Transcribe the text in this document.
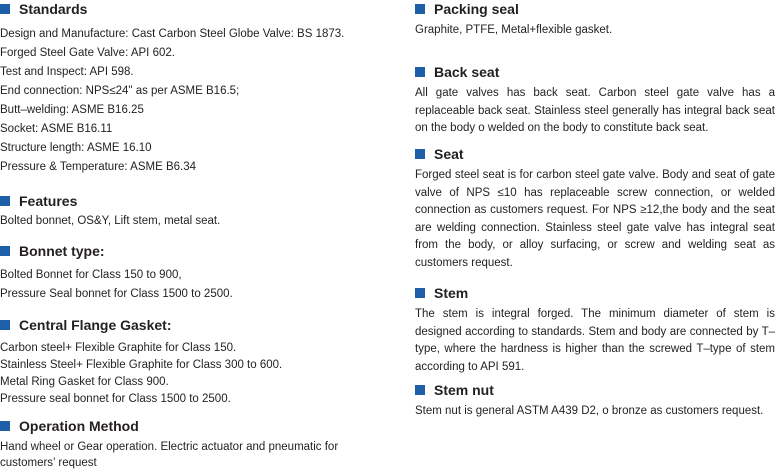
Standards
Design and Manufacture: Cast Carbon Steel Globe Valve: BS 1873.
Forged Steel Gate Valve: API 602.
Test and Inspect: API 598.
End connection: NPS≤24" as per ASME B16.5;
Butt–welding: ASME B16.25
Socket: ASME B16.11
Structure length: ASME 16.10
Pressure & Temperature: ASME B6.34
Features
Bolted bonnet, OS&Y, Lift stem, metal seat.
Bonnet type:
Bolted Bonnet for Class 150 to 900,
Pressure Seal bonnet for Class 1500 to 2500.
Central Flange Gasket:
Carbon steel+ Flexible Graphite for Class 150.
Stainless Steel+ Flexible Graphite for Class 300 to 600.
Metal Ring Gasket for Class 900.
Pressure seal bonnet for Class 1500 to 2500.
Operation Method
Hand wheel or Gear operation. Electric actuator and pneumatic for
customers’ request
Packing seal
Graphite, PTFE, Metal+flexible gasket.
Back seat
All gate valves has back seat. Carbon steel gate valve has a replaceable back seat. Stainless steel generally has integral back seat on the body o welded on the body to constitute back seat.
Seat
Forged steel seat is for carbon steel gate valve. Body and seat of gate valve of NPS ≤10 has replaceable screw connection, or welded connection as customers request. For NPS ≥12,the body and the seat are welding connection. Stainless steel gate valve has integral seat from the body, or alloy surfacing, or screw and welding seat as customers request.
Stem
The stem is integral forged. The minimum diameter of stem is designed according to standards. Stem and body are connected by T–type, where the hardness is higher than the screwed T–type of stem according to API 591.
Stem nut
Stem nut is general ASTM A439 D2, o bronze as customers request.
